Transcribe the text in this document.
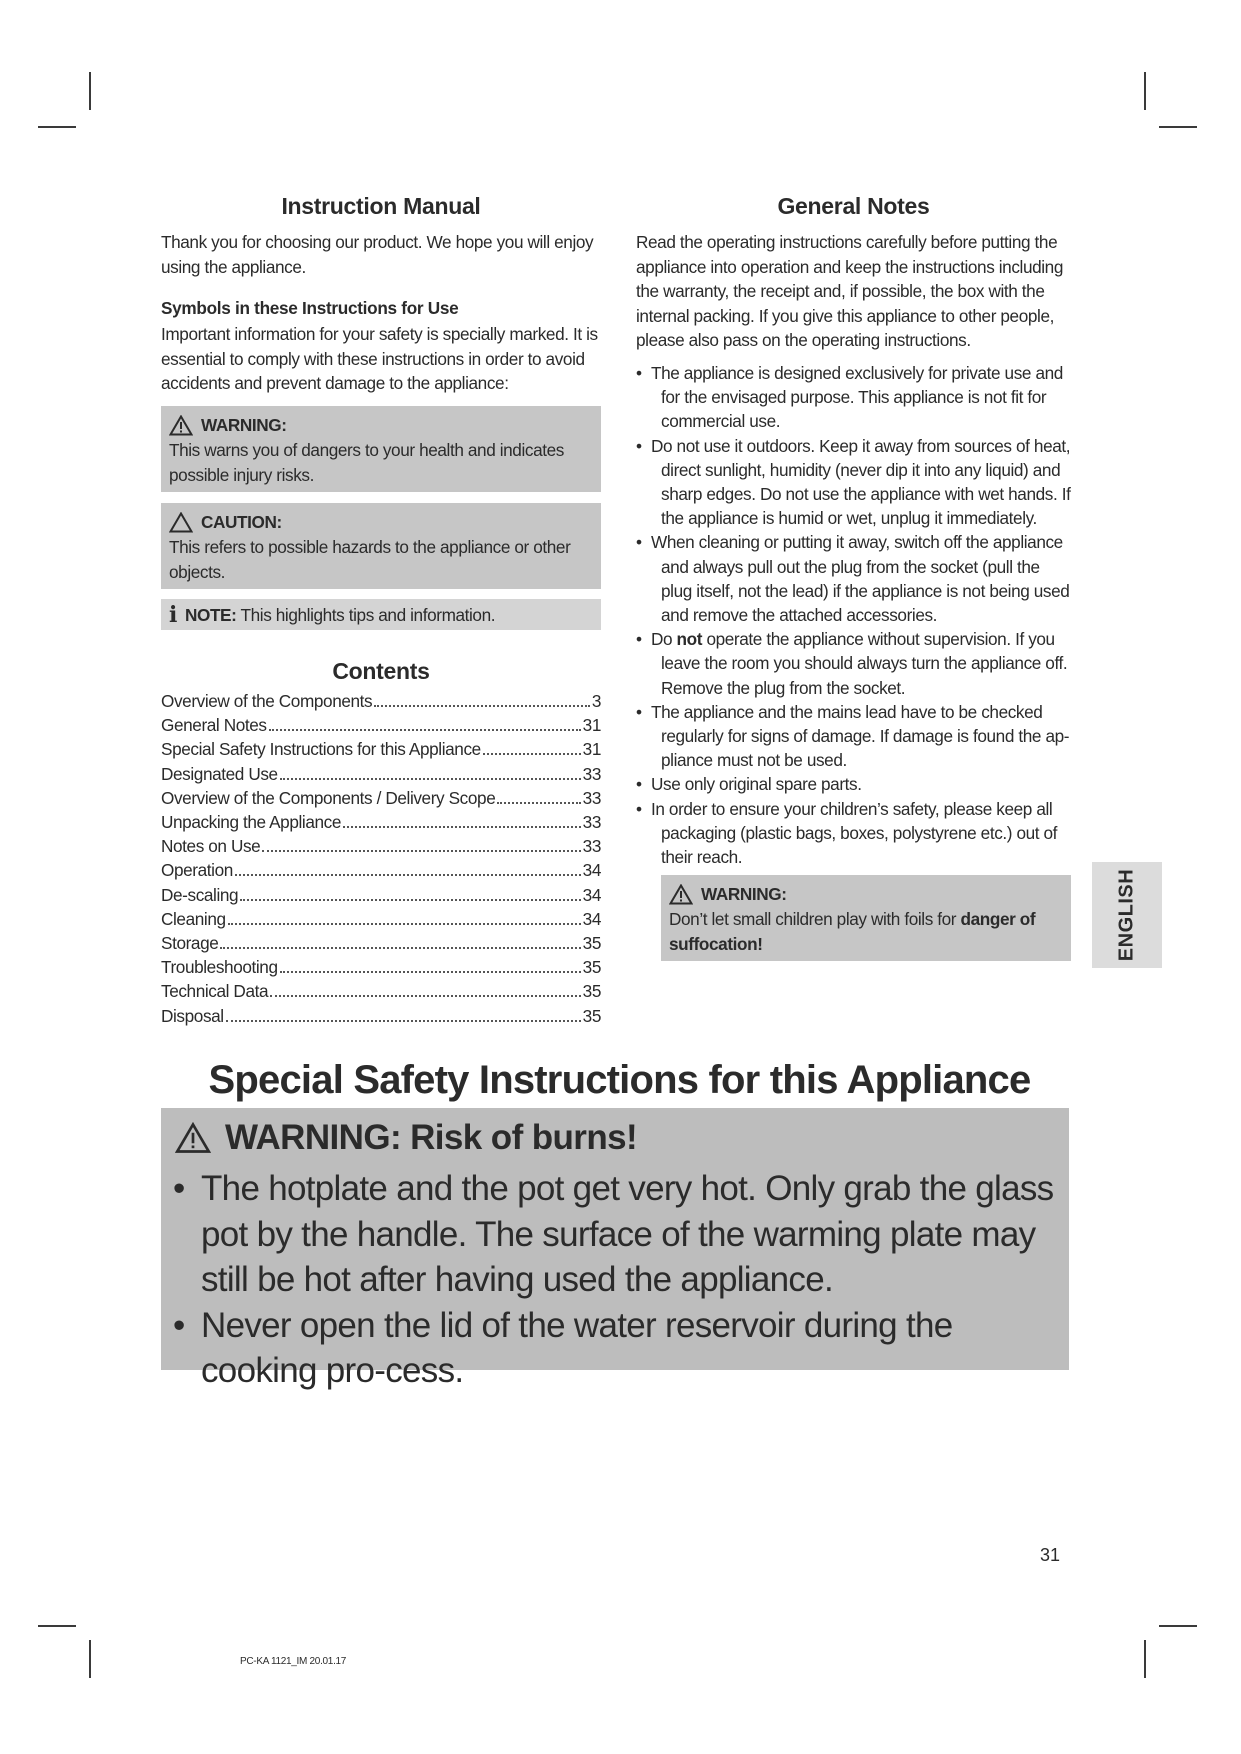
Instruction Manual

Thank you for choosing our product. We hope you will enjoy using the appliance.

Symbols in these Instructions for Use

Important information for your safety is specially marked. It is essential to comply with these instructions in order to avoid accidents and prevent damage to the appliance:

WARNING:
This warns you of dangers to your health and indicates possible injury risks.
CAUTION:
This refers to possible hazards to the appliance or other objects.
i NOTE: This highlights tips and information.
Contents
Overview of the Components	3
General Notes	31
Special Safety Instructions for this Appliance	31
Designated Use	33
Overview of the Components / Delivery Scope	33
Unpacking the Appliance	33
Notes on Use	33
Operation	34
De-scaling	34
Cleaning	34
Storage	35
Troubleshooting	35
Technical Data	35
Disposal	35
General Notes

Read the operating instructions carefully before putting the appliance into operation and keep the instructions including the warranty, the receipt and, if possible, the box with the internal packing. If you give this appliance to other people, please also pass on the operating instructions.

• The appliance is designed exclusively for private use and for the envisaged purpose. This appliance is not fit for commercial use.
• Do not use it outdoors. Keep it away from sources of heat, direct sunlight, humidity (never dip it into any liquid) and sharp edges. Do not use the appliance with wet hands. If the appliance is humid or wet, unplug it immediately.
• When cleaning or putting it away, switch off the appliance and always pull out the plug from the socket (pull the plug itself, not the lead) if the appliance is not being used and remove the attached accessories.
• Do not operate the appliance without supervision. If you leave the room you should always turn the appliance off. Remove the plug from the socket.
• The appliance and the mains lead have to be checked regularly for signs of damage. If damage is found the ap-pliance must not be used.
• Use only original spare parts.
• In order to ensure your children’s safety, please keep all packaging (plastic bags, boxes, polystyrene etc.) out of their reach.
WARNING:
Don’t let small children play with foils for danger of suffocation!	ENGLISH
Special Safety Instructions for this Appliance
WARNING: Risk of burns!
• The hotplate and the pot get very hot. Only grab the glass pot by the handle. The surface of the warming plate may still be hot after having used the appliance.
• Never open the lid of the water reservoir during the cooking pro-cess.
31
PC-KA 1121_IM 20.01.17
